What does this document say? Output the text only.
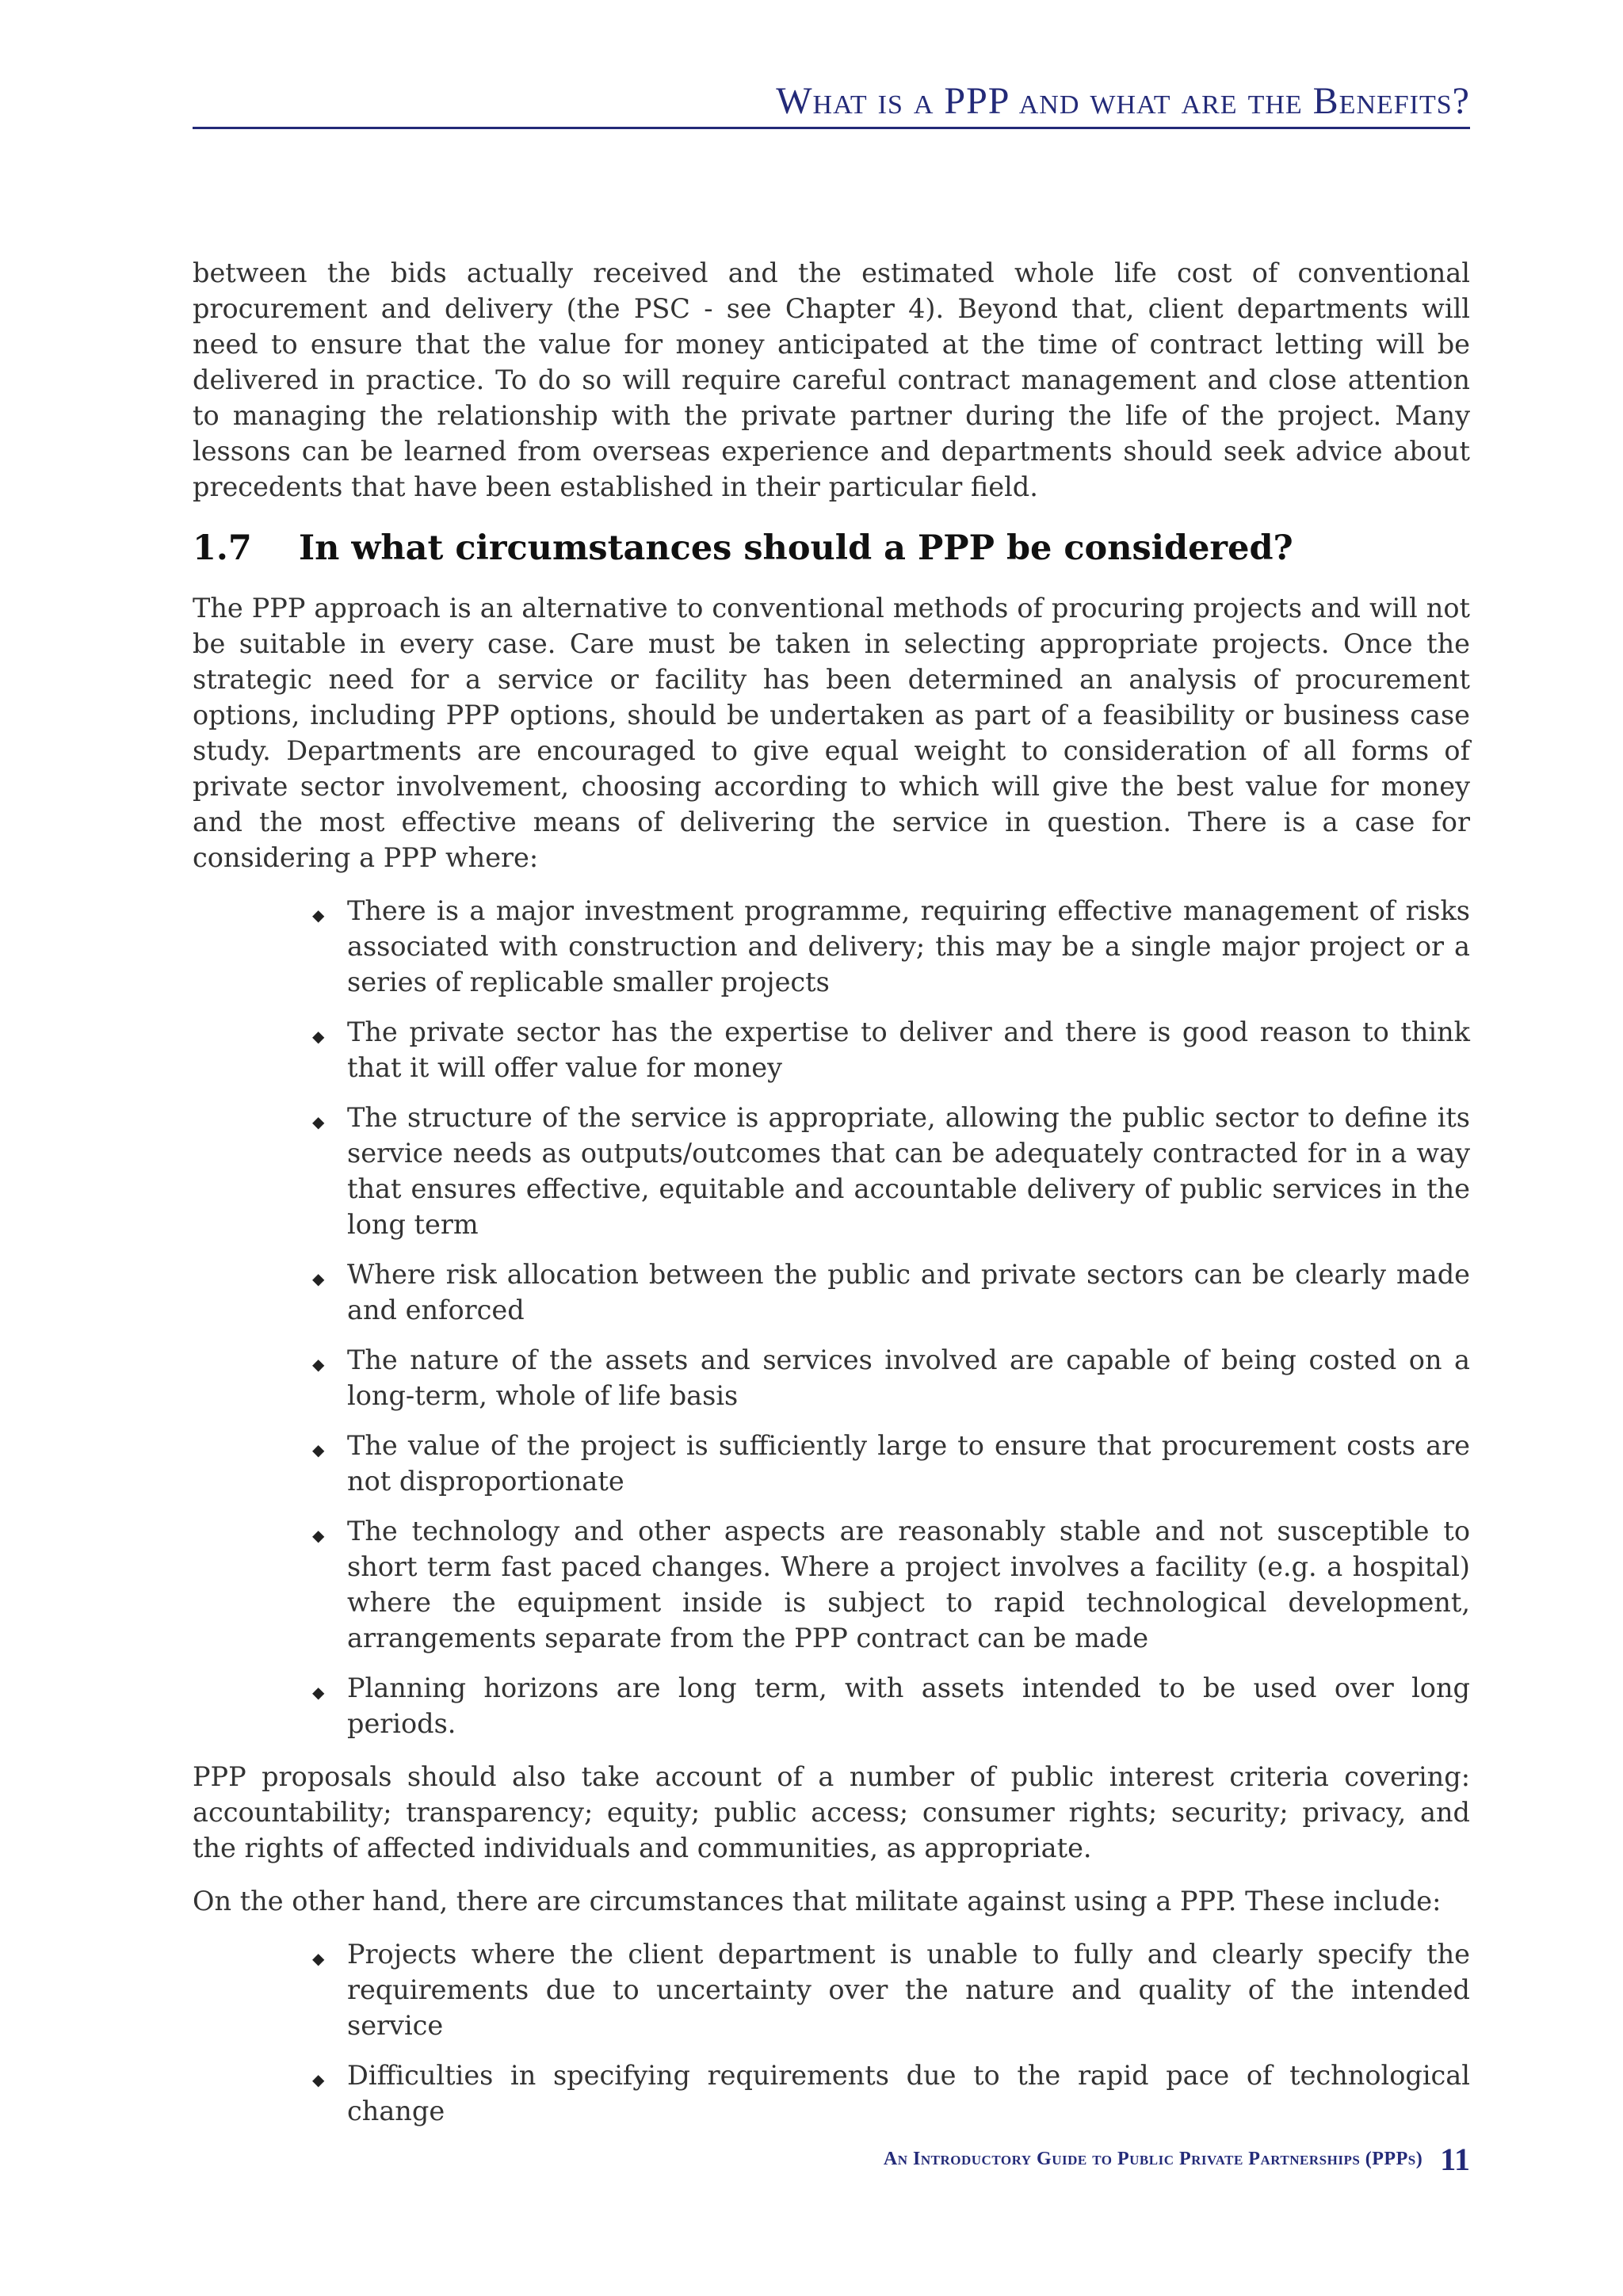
What is a PPP and what are the Benefits?

between the bids actually received and the estimated whole life cost of conventional procurement and delivery (the PSC - see Chapter 4). Beyond that, client departments will need to ensure that the value for money anticipated at the time of contract letting will be delivered in practice. To do so will require careful contract management and close attention to managing the relationship with the private partner during the life of the project. Many lessons can be learned from overseas experience and departments should seek advice about precedents that have been established in their particular field.

1.7 In what circumstances should a PPP be considered?

The PPP approach is an alternative to conventional methods of procuring projects and will not be suitable in every case. Care must be taken in selecting appropriate projects. Once the strategic need for a service or facility has been determined an analysis of procurement options, including PPP options, should be undertaken as part of a feasibility or business case study. Departments are encouraged to give equal weight to consideration of all forms of private sector involvement, choosing according to which will give the best value for money and the most effective means of delivering the service in question. There is a case for considering a PPP where:

◆ There is a major investment programme, requiring effective management of risks associated with construction and delivery; this may be a single major project or a series of replicable smaller projects
◆ The private sector has the expertise to deliver and there is good reason to think that it will offer value for money
◆ The structure of the service is appropriate, allowing the public sector to define its service needs as outputs/outcomes that can be adequately contracted for in a way that ensures effective, equitable and accountable delivery of public services in the long term
◆ Where risk allocation between the public and private sectors can be clearly made and enforced
◆ The nature of the assets and services involved are capable of being costed on a long-term, whole of life basis
◆ The value of the project is sufficiently large to ensure that procurement costs are not disproportionate
◆ The technology and other aspects are reasonably stable and not susceptible to short term fast paced changes. Where a project involves a facility (e.g. a hospital) where the equipment inside is subject to rapid technological development, arrangements separate from the PPP contract can be made
◆ Planning horizons are long term, with assets intended to be used over long periods.

PPP proposals should also take account of a number of public interest criteria covering: accountability; transparency; equity; public access; consumer rights; security; privacy, and the rights of affected individuals and communities, as appropriate.

On the other hand, there are circumstances that militate against using a PPP. These include:

◆ Projects where the client department is unable to fully and clearly specify the requirements due to uncertainty over the nature and quality of the intended service
◆ Difficulties in specifying requirements due to the rapid pace of technological change
An Introductory Guide to Public Private Partnerships (PPPs) 11
